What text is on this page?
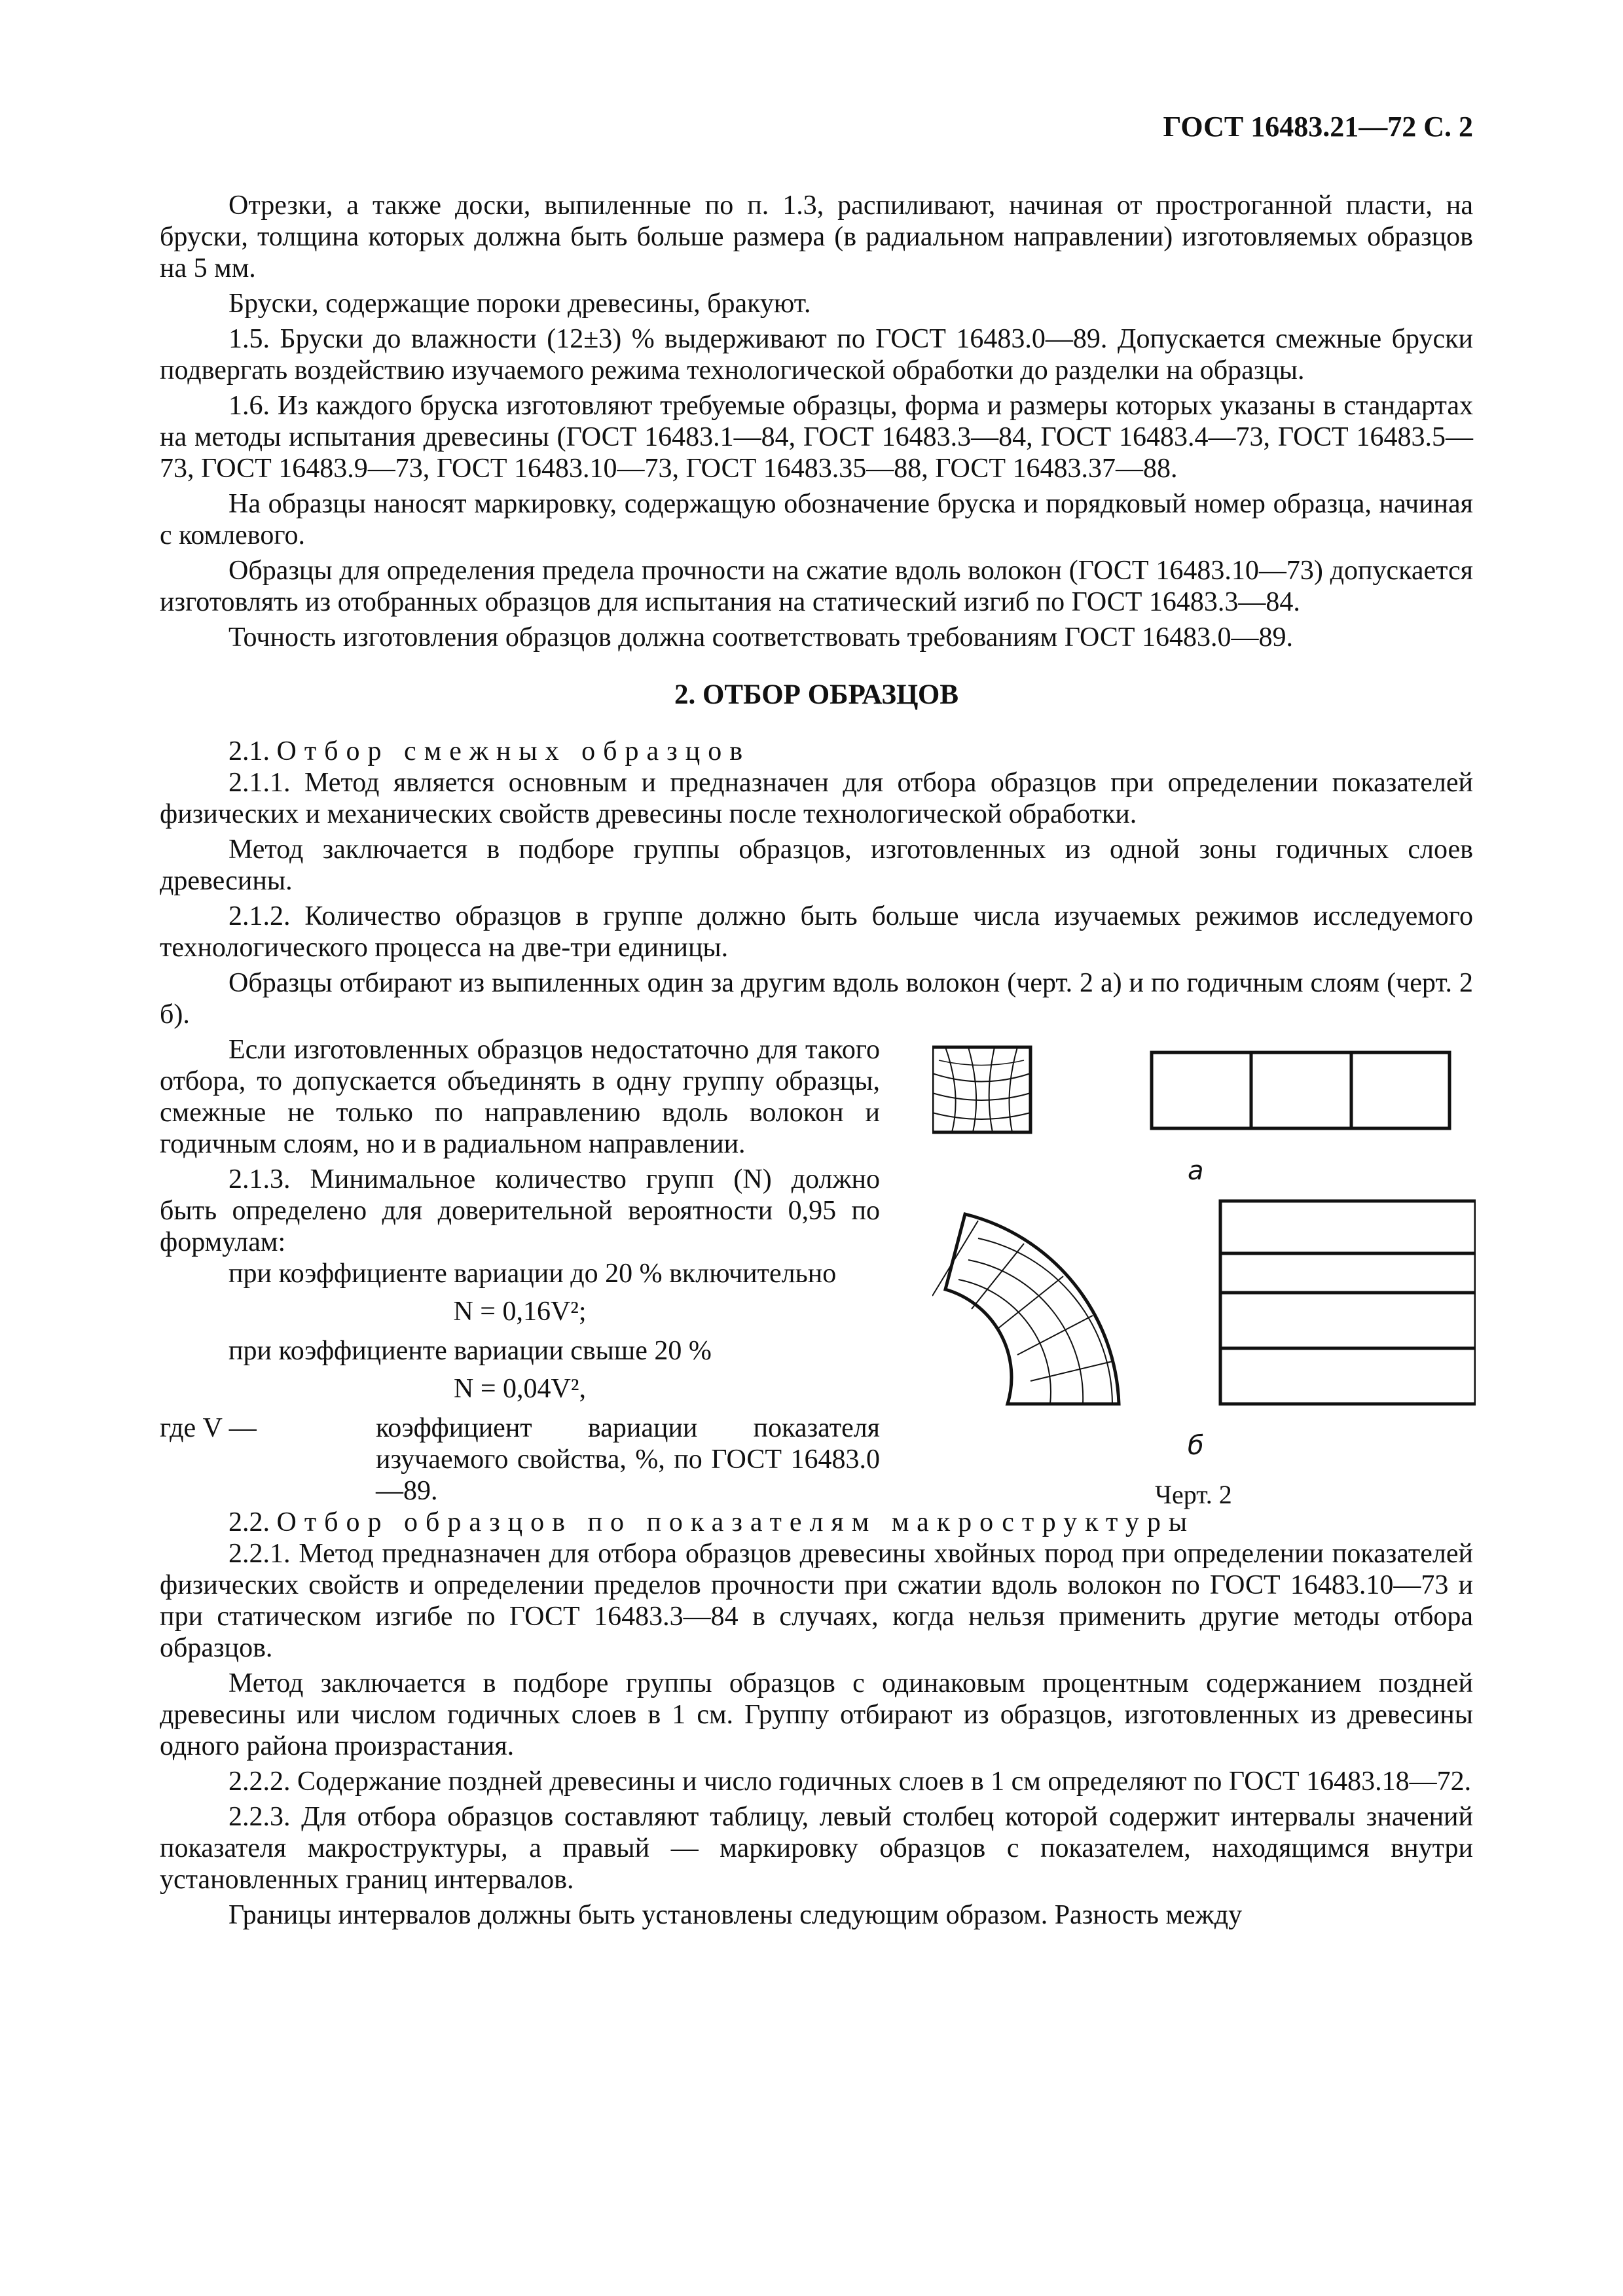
ГОСТ 16483.21—72 С. 2

Отрезки, а также доски, выпиленные по п. 1.3, распиливают, начиная от прострoганной пласти, на бруски, толщина которых должна быть больше размера (в радиальном направлении) изготовляемых образцов на 5 мм.

Бруски, содержащие пороки древесины, бракуют.

1.5. Бруски до влажности (12±3) % выдерживают по ГОСТ 16483.0—89. Допускается смежные бруски подвергать воздействию изучаемого режима технологической обработки до разделки на образцы.

1.6. Из каждого бруска изготовляют требуемые образцы, форма и размеры которых указаны в стандартах на методы испытания древесины (ГОСТ 16483.1—84, ГОСТ 16483.3—84, ГОСТ 16483.4—73, ГОСТ 16483.5—73, ГОСТ 16483.9—73, ГОСТ 16483.10—73, ГОСТ 16483.35—88, ГОСТ 16483.37—88.

На образцы наносят маркировку, содержащую обозначение бруска и порядковый номер образца, начиная с комлевого.

Образцы для определения предела прочности на сжатие вдоль волокон (ГОСТ 16483.10—73) допускается изготовлять из отобранных образцов для испытания на статический изгиб по ГОСТ 16483.3—84.

Точность изготовления образцов должна соответствовать требованиям ГОСТ 16483.0—89.

2. ОТБОР ОБРАЗЦОВ

2.1. Отбор смежных образцов

2.1.1. Метод является основным и предназначен для отбора образцов при определении показателей физических и механических свойств древесины после технологической обработки.

Метод заключается в подборе группы образцов, изготовленных из одной зоны годичных слоев древесины.

2.1.2. Количество образцов в группе должно быть больше числа изучаемых режимов исследуемого технологического процесса на две-три единицы.

Образцы отбирают из выпиленных один за другим вдоль волокон (черт. 2 а) и по годичным слоям (черт. 2 б).

Если изготовленных образцов недостаточно для такого отбора, то допускается объединять в одну группу образцы, смежные не только по направлению вдоль волокон и годичным слоям, но и в радиальном направлении.

2.1.3. Минимальное количество групп (N) должно быть определено для доверительной вероятности 0,95 по формулам:

при коэффициенте вариации до 20 % включительно

N = 0,16V²;

при коэффициенте вариации свыше 20 %

N = 0,04V²,

где V —	коэффициент вариации показателя изучаемого свойства, %, по ГОСТ 16483.0—89.

а
б
Черт. 2

2.2. Отбор образцов по показателям макроструктуры

2.2.1. Метод предназначен для отбора образцов древесины хвойных пород при определении показателей физических свойств и определении пределов прочности при сжатии вдоль волокон по ГОСТ 16483.10—73 и при статическом изгибе по ГОСТ 16483.3—84 в случаях, когда нельзя применить другие методы отбора образцов.

Метод заключается в подборе группы образцов с одинаковым процентным содержанием поздней древесины или числом годичных слоев в 1 см. Группу отбирают из образцов, изготовленных из древесины одного района произрастания.

2.2.2. Содержание поздней древесины и число годичных слоев в 1 см определяют по ГОСТ 16483.18—72.

2.2.3. Для отбора образцов составляют таблицу, левый столбец которой содержит интервалы значений показателя макроструктуры, а правый — маркировку образцов с показателем, находящимся внутри установленных границ интервалов.

Границы интервалов должны быть установлены следующим образом. Разность между
